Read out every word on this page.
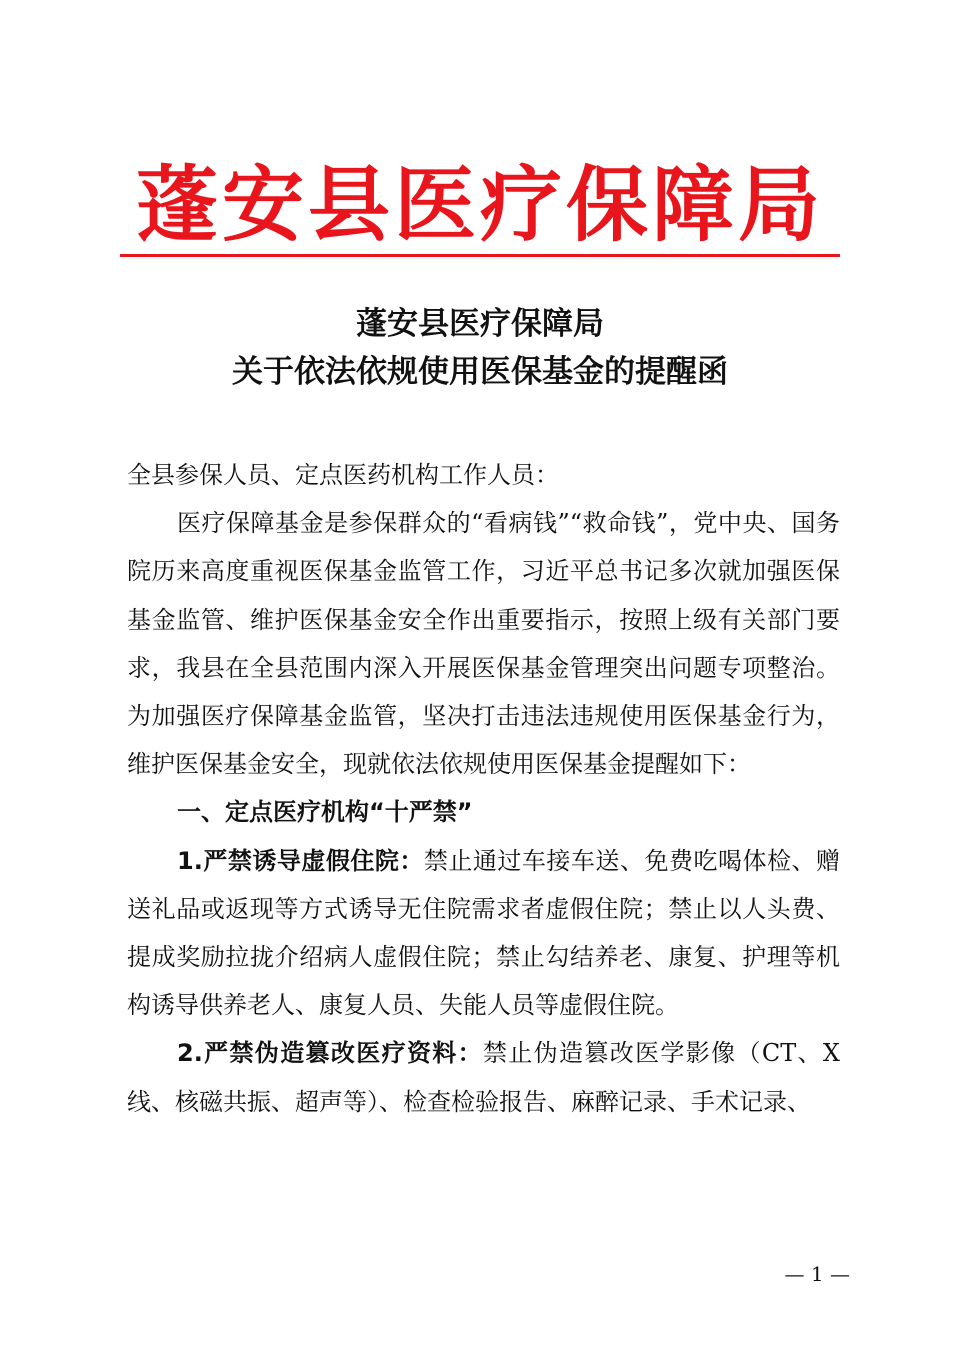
蓬安县医疗保障局
蓬安县医疗保障局
关于依法依规使用医保基金的提醒函

全县参保人员、定点医药机构工作人员：

医疗保障基金是参保群众的“看病钱”“救命钱”，党中央、国务院历来高度重视医保基金监管工作，习近平总书记多次就加强医保基金监管、维护医保基金安全作出重要指示，按照上级有关部门要求，我县在全县范围内深入开展医保基金管理突出问题专项整治。为加强医疗保障基金监管，坚决打击违法违规使用医保基金行为，维护医保基金安全，现就依法依规使用医保基金提醒如下：

一、定点医疗机构“十严禁”

1.严禁诱导虚假住院：禁止通过车接车送、免费吃喝体检、赠送礼品或返现等方式诱导无住院需求者虚假住院；禁止以人头费、提成奖励拉拢介绍病人虚假住院；禁止勾结养老、康复、护理等机构诱导供养老人、康复人员、失能人员等虚假住院。

2.严禁伪造篡改医疗资料：禁止伪造篡改医学影像（CT、X线、核磁共振、超声等）、检查检验报告、麻醉记录、手术记录、

— 1 —
